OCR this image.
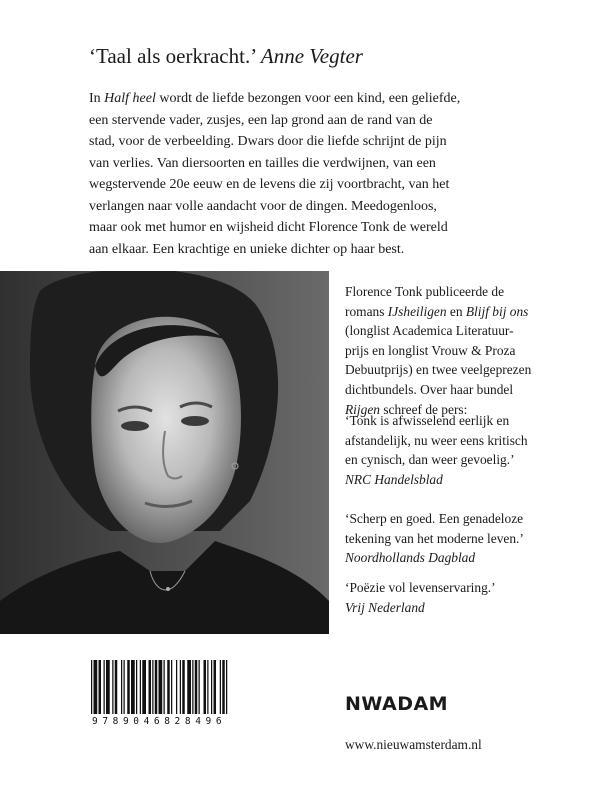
‘Taal als oerkracht.’ Anne Vegter
In Half heel wordt de liefde bezongen voor een kind, een geliefde,
een stervende vader, zusjes, een lap grond aan de rand van de
stad, voor de verbeelding. Dwars door die liefde schrijnt de pijn
van verlies. Van diersoorten en tailles die verdwijnen, van een
wegstervende 20e eeuw en de levens die zij voortbracht, van het
verlangen naar volle aandacht voor de dingen. Meedogenloos,
maar ook met humor en wijsheid dicht Florence Tonk de wereld
aan elkaar. Een krachtige en unieke dichter op haar best.
Florence Tonk publiceerde de
romans IJsheiligen en Blijf bij ons
(longlist Academica Literatuur-
prijs en longlist Vrouw & Proza
Debuutprijs) en twee veelgeprezen
dichtbundels. Over haar bundel
Rijgen schreef de pers:
‘Tonk is afwisselend eerlijk en
afstandelijk, nu weer eens kritisch
en cynisch, dan weer gevoelig.’
NRC Handelsblad
‘Scherp en goed. Een genadeloze
tekening van het moderne leven.’
Noordhollands Dagblad
‘Poëzie vol levenservaring.’
Vrij Nederland
9789046828496
NWADAM
www.nieuwamsterdam.nl
